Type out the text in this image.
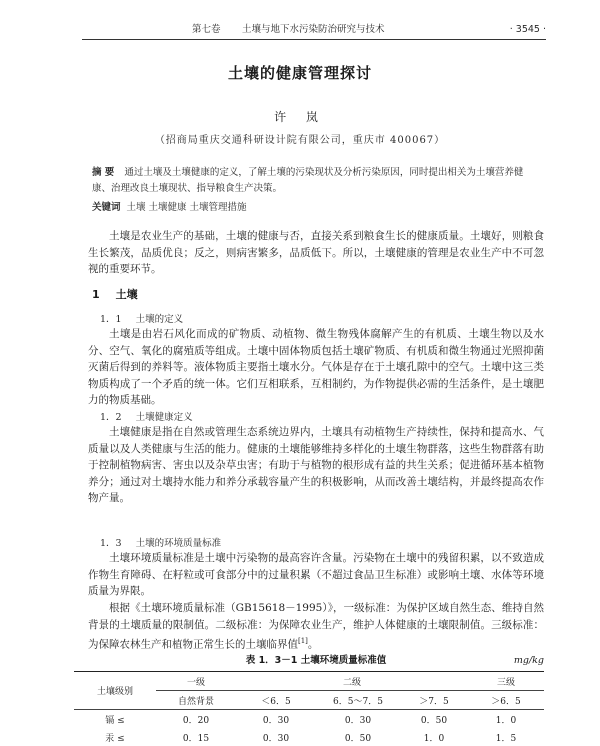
第七卷 土壤与地下水污染防治研究与技术	· 3545 ·
土壤的健康管理探讨
许 岚
（招商局重庆交通科研设计院有限公司，重庆市 400067）
摘 要 通过土壤及土壤健康的定义，了解土壤的污染现状及分析污染原因，同时提出相关为土壤营养健康、治理改良土壤现状、指导粮食生产决策。
关键词 土壤 土壤健康 土壤管理措施
土壤是农业生产的基础，土壤的健康与否，直接关系到粮食生长的健康质量。土壤好，则粮食生长繁茂，品质优良；反之，则病害繁多，品质低下。所以，土壤健康的管理是农业生产中不可忽视的重要环节。
1 土壤
1．1 土壤的定义
土壤是由岩石风化而成的矿物质、动植物、微生物残体腐解产生的有机质、土壤生物以及水分、空气、氧化的腐殖质等组成。土壤中固体物质包括土壤矿物质、有机质和微生物通过光照抑菌灭菌后得到的养料等。液体物质主要指土壤水分。气体是存在于土壤孔隙中的空气。土壤中这三类物质构成了一个矛盾的统一体。它们互相联系，互相制约，为作物提供必需的生活条件，是土壤肥力的物质基础。
1．2 土壤健康定义
土壤健康是指在自然或管理生态系统边界内，土壤具有动植物生产持续性，保持和提高水、气质量以及人类健康与生活的能力。健康的土壤能够维持多样化的土壤生物群落，这些生物群落有助于控制植物病害、害虫以及杂草虫害；有助于与植物的根形成有益的共生关系；促进循环基本植物养分；通过对土壤持水能力和养分承载容量产生的积极影响，从而改善土壤结构，并最终提高农作物产量。
1．3 土壤的环境质量标准
土壤环境质量标准是土壤中污染物的最高容许含量。污染物在土壤中的残留积累，以不致造成作物生育障碍、在籽粒或可食部分中的过量积累（不超过食品卫生标准）或影响土壤、水体等环境质量为界限。
根据《土壤环境质量标准（GB15618－1995）》，一级标准：为保护区域自然生态、维持自然背景的土壤质量的限制值。二级标准：为保障农业生产，维护人体健康的土壤限制值。三级标准：为保障农林生产和植物正常生长的土壤临界值[1]。
表 1．3－1 土壤环境质量标准值	mg/kg
土壤级别	一级	二级			三级
	自然背景	＜6．5	6．5～7．5	＞7．5	＞6．5
镉 ≤	0．20	0．30	0．30	0．50	1．0
汞 ≤	0．15	0．30	0．50	1．0	1．5
